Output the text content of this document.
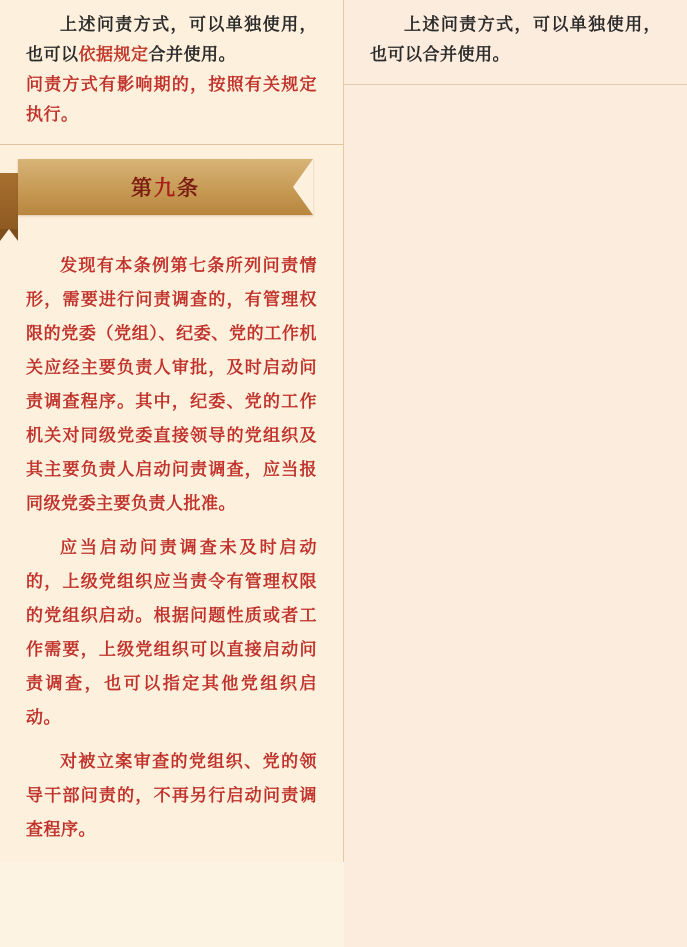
上述问责方式，可以单独使用，也可以依据规定合并使用。

问责方式有影响期的，按照有关规定执行。

第九条

发现有本条例第七条所列问责情形，需要进行问责调查的，有管理权限的党委（党组）、纪委、党的工作机关应经主要负责人审批，及时启动问责调查程序。其中，纪委、党的工作机关对同级党委直接领导的党组织及其主要负责人启动问责调查，应当报同级党委主要负责人批准。

应当启动问责调查未及时启动的，上级党组织应当责令有管理权限的党组织启动。根据问题性质或者工作需要，上级党组织可以直接启动问责调查，也可以指定其他党组织启动。

对被立案审查的党组织、党的领导干部问责的，不再另行启动问责调查程序。

上述问责方式，可以单独使用，也可以合并使用。
